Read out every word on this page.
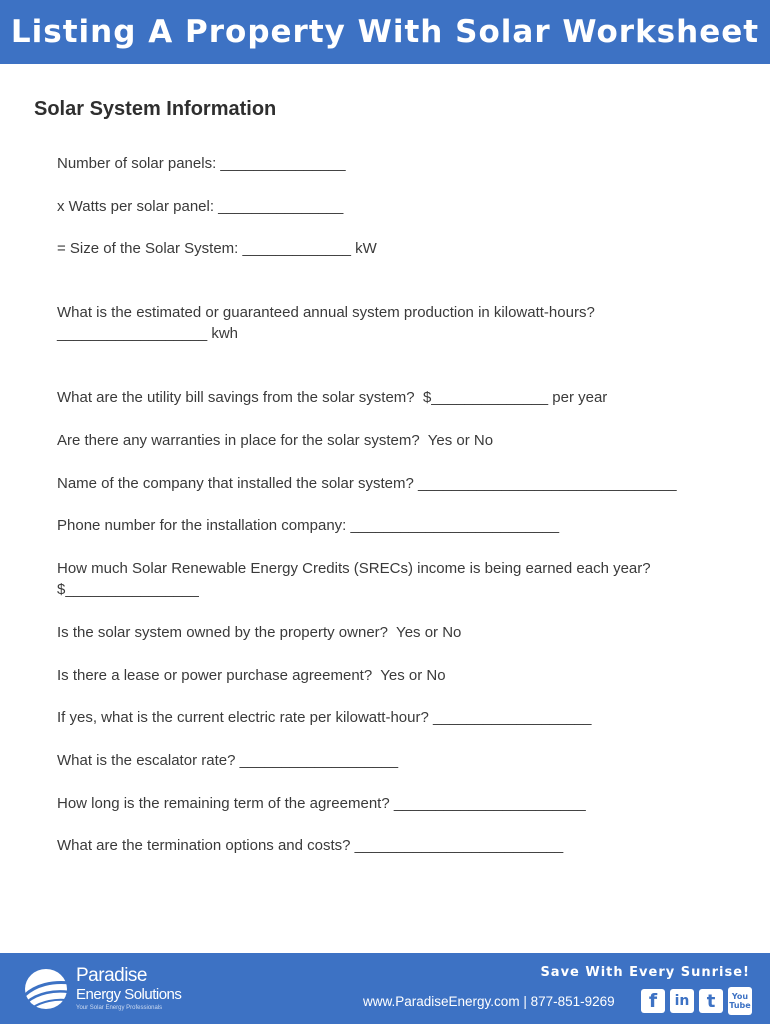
Listing A Property With Solar Worksheet
Solar System Information
Number of solar panels: _______________
x Watts per solar panel: _______________
= Size of the Solar System: _____________ kW
What is the estimated or guaranteed annual system production in kilowatt-hours?
__________________ kwh
What are the utility bill savings from the solar system?  $______________ per year
Are there any warranties in place for the solar system?  Yes or No
Name of the company that installed the solar system? _______________________________
Phone number for the installation company: _________________________
How much Solar Renewable Energy Credits (SRECs) income is being earned each year?
$________________
Is the solar system owned by the property owner?  Yes or No
Is there a lease or power purchase agreement?  Yes or No
If yes, what is the current electric rate per kilowatt-hour? ___________________
What is the escalator rate? ___________________
How long is the remaining term of the agreement? _______________________
What are the termination options and costs? _________________________
Paradise
Energy Solutions
Your Solar Energy Professionals
Save With Every Sunrise!
www.ParadiseEnergy.com | 877-851-9269 f in t You
Tube
